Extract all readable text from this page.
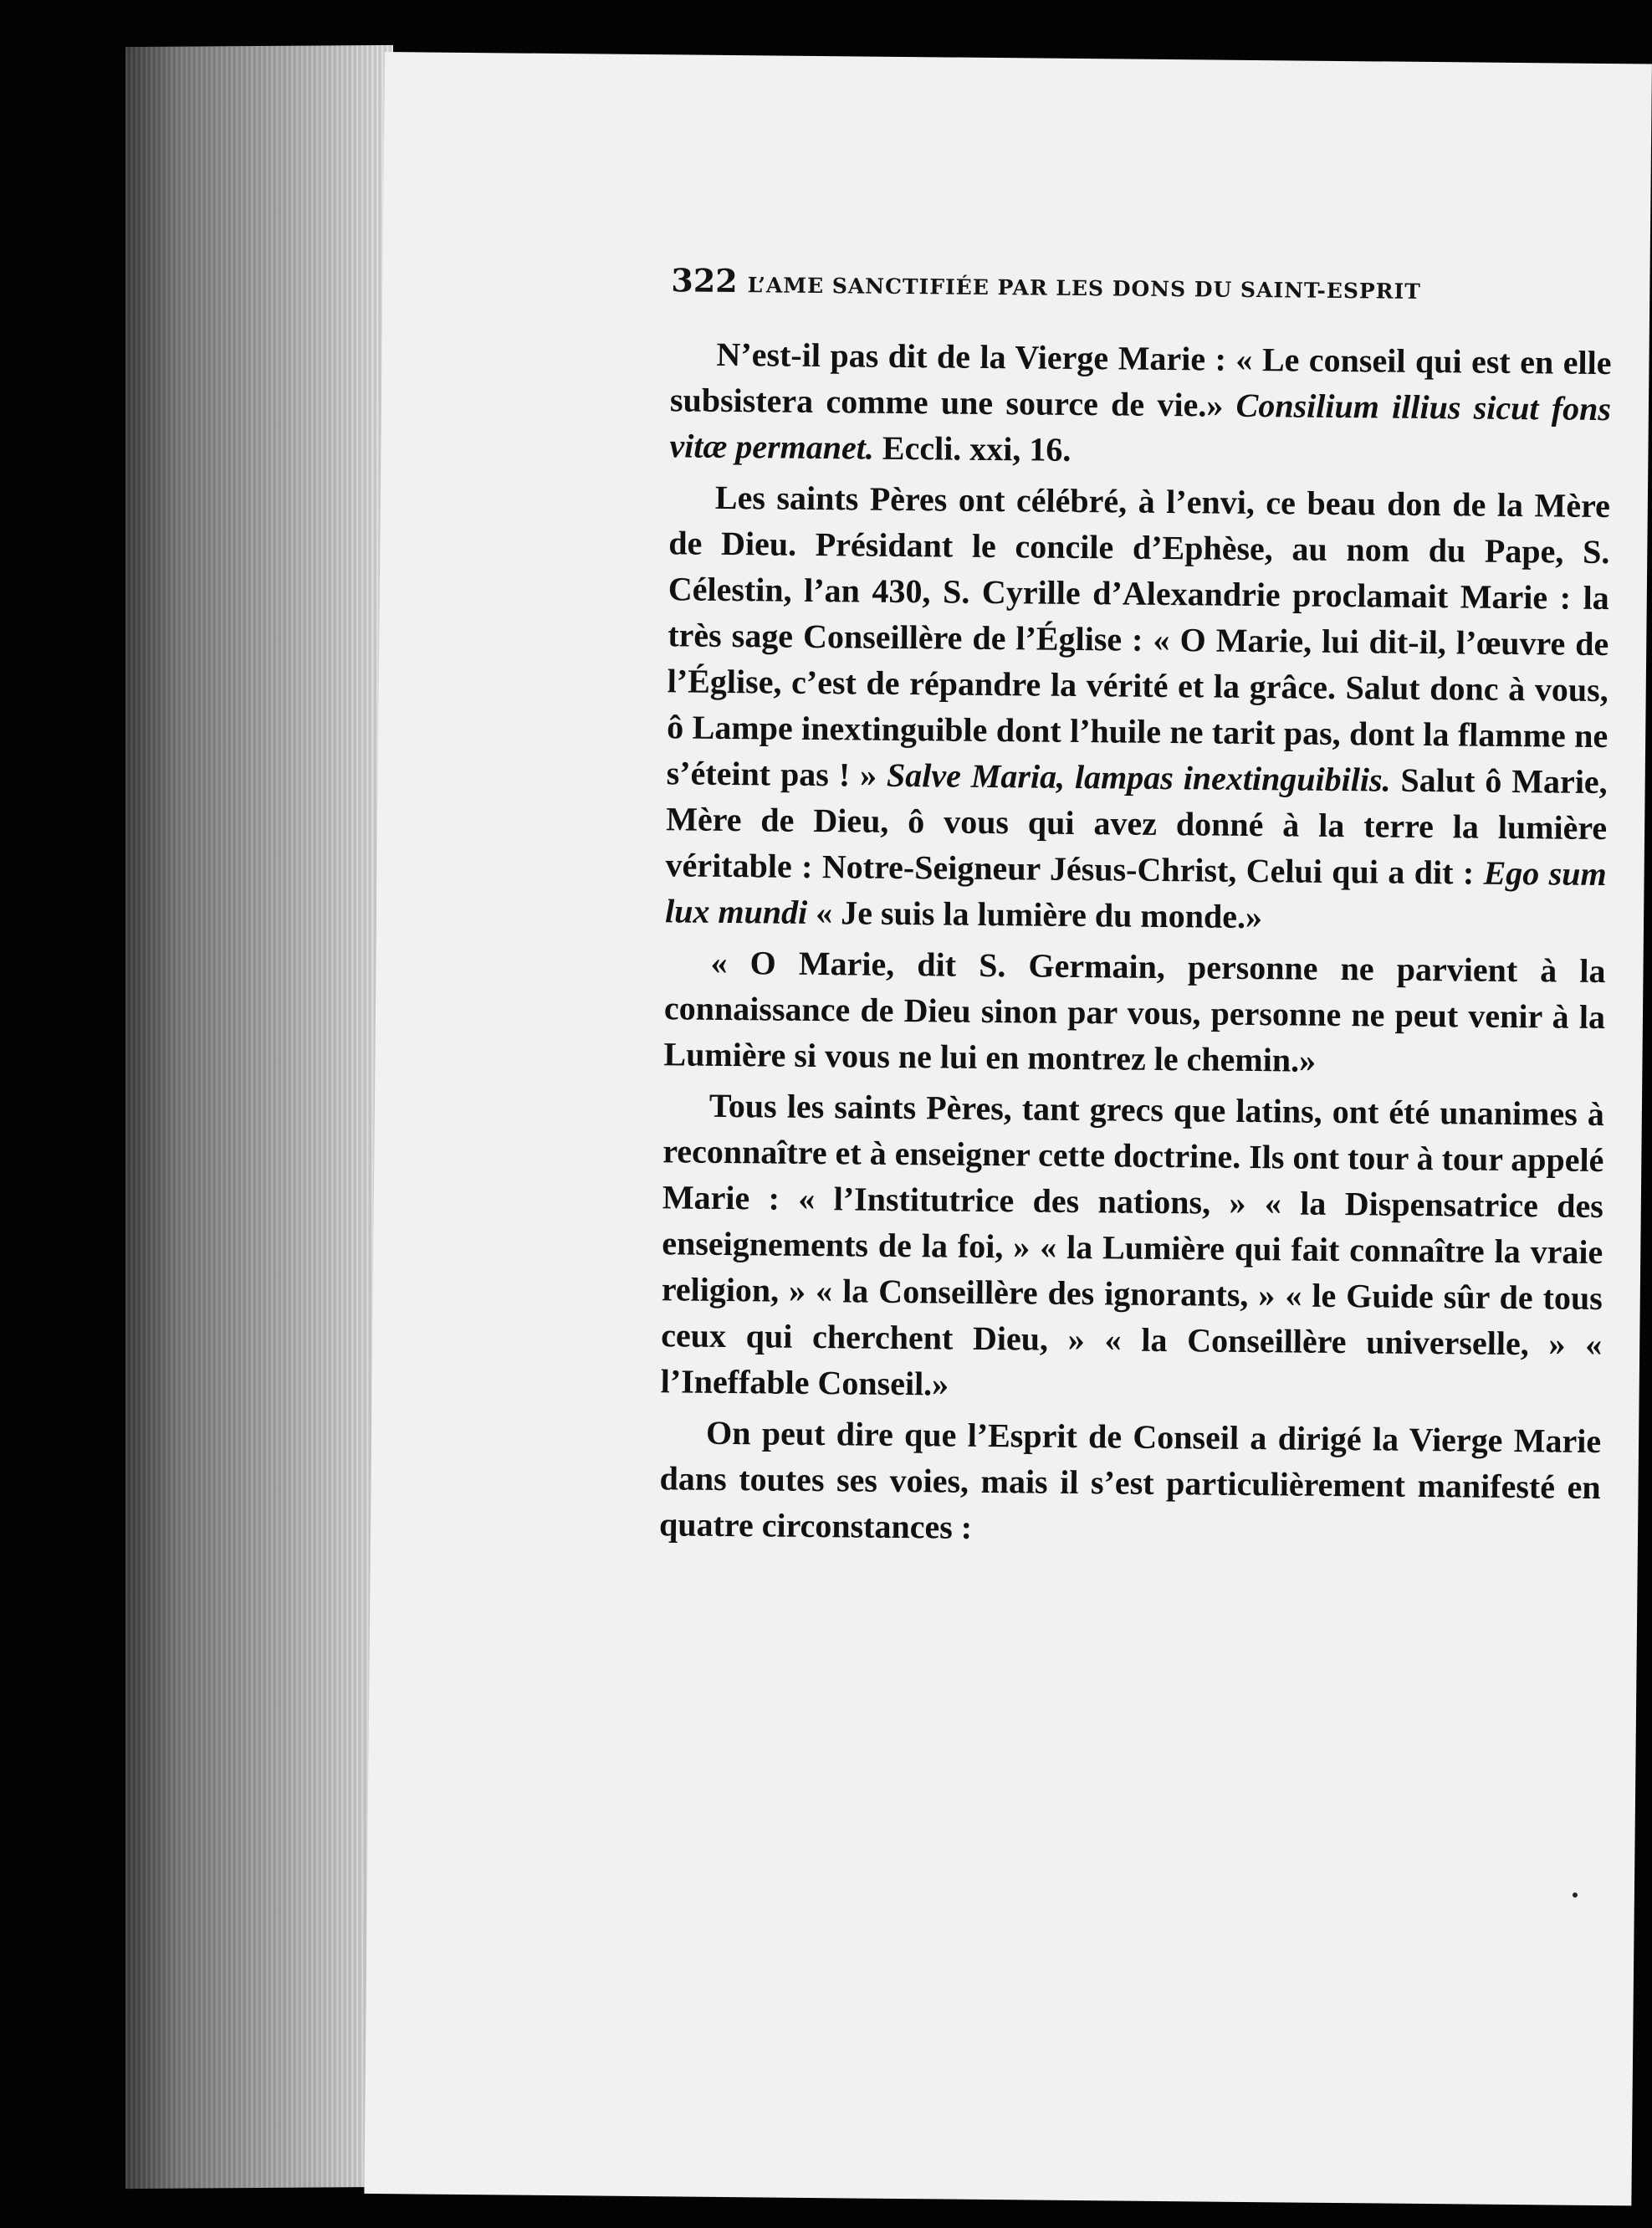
322 L’AME SANCTIFIÉE PAR LES DONS DU SAINT-ESPRIT

N’est-il pas dit de la Vierge Marie : « Le conseil qui est en elle subsistera comme une source de vie.» Consilium illius sicut fons vitæ permanet. Eccli. xxi, 16.

Les saints Pères ont célébré, à l’envi, ce beau don de la Mère de Dieu. Présidant le concile d’Ephèse, au nom du Pape, S. Célestin, l’an 430, S. Cyrille d’Alexandrie proclamait Marie : la très sage Conseillère de l’Église : « O Marie, lui dit-il, l’œuvre de l’Église, c’est de répandre la vérité et la grâce. Salut donc à vous, ô Lampe inextinguible dont l’huile ne tarit pas, dont la flamme ne s’éteint pas ! » Salve Maria, lampas inextinguibilis. Salut ô Marie, Mère de Dieu, ô vous qui avez donné à la terre la lumière véritable : Notre-Seigneur Jésus-Christ, Celui qui a dit : Ego sum lux mundi « Je suis la lumière du monde.»

« O Marie, dit S. Germain, personne ne parvient à la connaissance de Dieu sinon par vous, personne ne peut venir à la Lumière si vous ne lui en montrez le chemin.»

Tous les saints Pères, tant grecs que latins, ont été unanimes à reconnaître et à enseigner cette doctrine. Ils ont tour à tour appelé Marie : « l’Institutrice des nations, » « la Dispensatrice des enseignements de la foi, » « la Lumière qui fait connaître la vraie religion, » « la Conseillère des ignorants, » « le Guide sûr de tous ceux qui cherchent Dieu, » « la Conseillère universelle, » « l’Ineffable Conseil.»

On peut dire que l’Esprit de Conseil a dirigé la Vierge Marie dans toutes ses voies, mais il s’est particulièrement manifesté en quatre circonstances :
